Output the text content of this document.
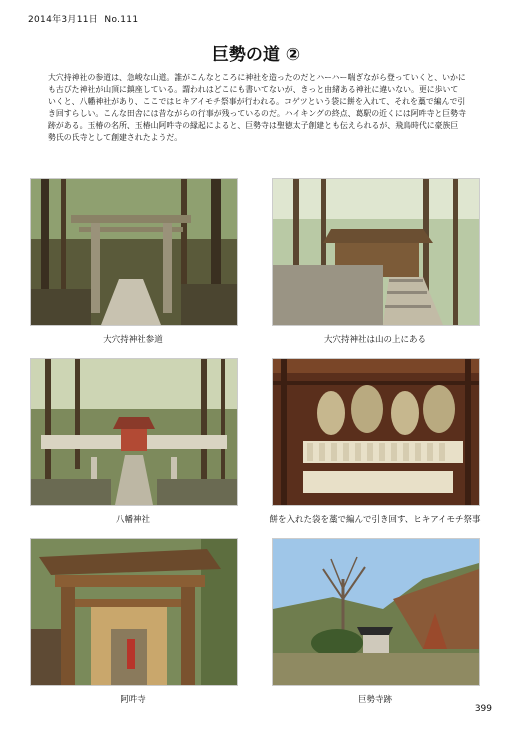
2014年3月11日 No.111
巨勢の道 ②

大穴持神社の参道は、急峻な山道。誰がこんなところに神社を造ったのだとハーハー喘ぎながら登っていくと、いかにも古びた神社が山頂に鎮座している。謂われはどこにも書いてないが、きっと由緒ある神社に違いない。更に歩いていくと、八幡神社があり、ここではヒキアイモチ祭事が行われる。コゲツという袋に餅を入れて、それを藁で編んで引き回すらしい。こんな田舎には昔ながらの行事が残っているのだ。ハイキングの終点、葛駅の近くには阿吽寺と巨勢寺跡がある。玉椿の名所、玉椿山阿吽寺の縁起によると、巨勢寺は聖徳太子創建とも伝えられるが、飛鳥時代に豪族巨勢氏の氏寺として創建されたようだ。

大穴持神社参道	大穴持神社は山の上にある
八幡神社	餅を入れた袋を藁で編んで引き回す、ヒキアイモチ祭事
阿吽寺	巨勢寺跡
399
